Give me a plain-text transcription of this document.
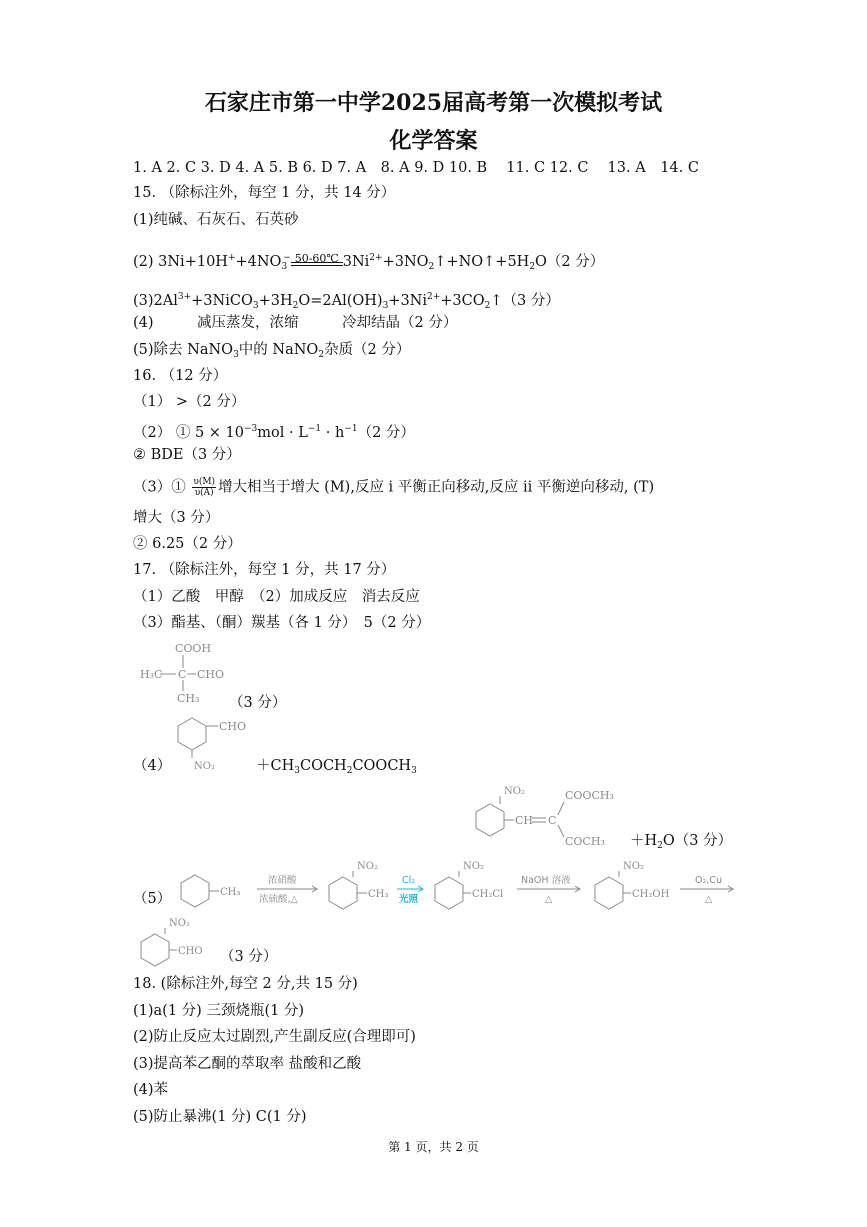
石家庄市第一中学2025届高考第一次模拟考试
化学答案
1. A 2. C 3. D 4. A 5. B 6. D 7. A　8. A 9. D 10. B　 11. C 12. C　 13. A　14. C
15. （除标注外，每空 1 分，共 14 分）
(1)纯碱、石灰石、石英砂
(2) $3Ni+10H^++4NO_3^-$ 50-60℃ $3Ni^{2+}+3NO_2↑+NO↑+5H_2O(2$ 分）
$(3)2Al^{3+}+3NiCO_3+3H_2O=2Al(OH)_3+3Ni^{2+}+3CO_2↑(3$ 分）
(4)　　　减压蒸发，浓缩　　　冷却结晶（2 分）
(5)除去 NaNO$_3$中的 NaNO$_2$杂质（2 分）
16. （12 分）
（1） >（2 分）
（2） ① $5 \times 10^{-3}mol \cdot L^{-1} \cdot h^{-1}(2$ 分）
② BDE（3 分）
（3）① $\frac{\upsilon(M)}{\upsilon(A)}$ 增大相当于增大 (M),反应 i 平衡正向移动,反应 ii 平衡逆向移动, (T)
增大（3 分）
② 6.25（2 分）
17. （除标注外，每空 1 分，共 17 分）
（1）乙酸　甲醇　（2）加成反应　消去反应
（3）酯基、（酮）羰基（各 1 分）　5（2 分）
COOH
H₃C C CHO
CH₃ （3 分）
CHO
NO₂
（4）	$+CH_3COCH_2COOCH_3$
NO₂
CH C
COOCH₃
COCH₃ $+H_2O(3$ 分）
（5）	CH₃
浓硝酸
浓硫酸,△
NO₂
CH₃
Cl₂
光照
NO₂
CH₂Cl
NaOH 溶液
△
NO₂
CH₂OH
O₂,Cu
△
NO₂
CHO （3 分）
18. (除标注外,每空 2 分,共 15 分)
(1)a(1 分) 三颈烧瓶(1 分)
(2)防止反应太过剧烈,产生副反应(合理即可)
(3)提高苯乙酮的萃取率 盐酸和乙酸
(4)苯
(5)防止暴沸(1 分) C(1 分)
第 1 页，共 2 页
